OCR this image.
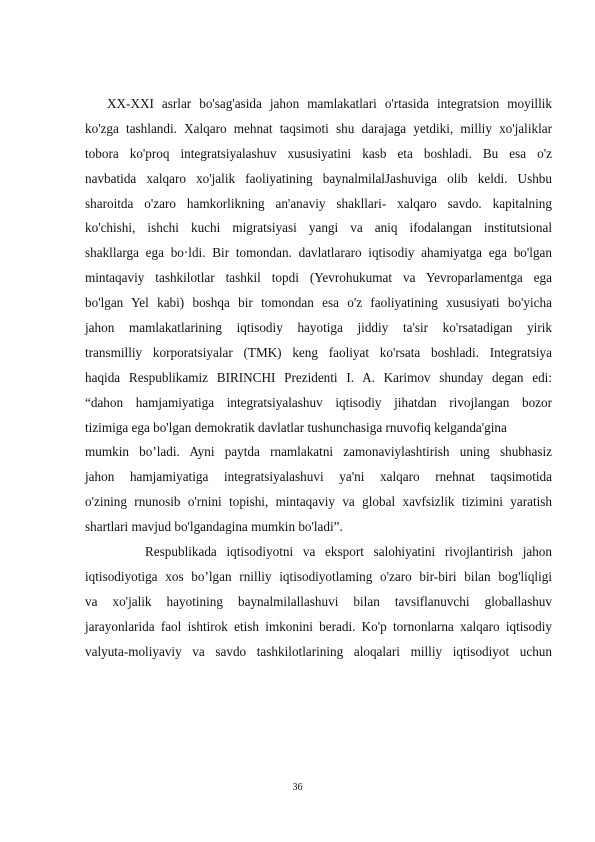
XX-XXI asrlar bo'sag'asida jahon mamlakatlari o'rtasida integratsion moyillik
ko'zga tashlandi. Xalqaro mehnat taqsimoti shu darajaga yetdiki, milliy xo'jaliklar
tobora ko'proq integratsiyalashuv xususiyatini kasb eta boshladi. Bu esa o'z
navbatida xalqaro xo'jalik faoliyatining baynalmilalJashuviga olib keldi. Ushbu
sharoitda o'zaro hamkorlikning an'anaviy shakllari- xalqaro savdo. kapitalning
ko'chishi, ishchi kuchi migratsiyasi yangi va aniq ifodalangan institutsional
shakllarga ega bo·ldi. Bir tomondan. davlatlararo iqtisodiy ahamiyatga ega bo'lgan
mintaqaviy tashkilotlar tashkil topdi (Yevrohukumat va Yevroparlamentga ega
bo'lgan Yel kabi) boshqa bir tomondan esa o'z faoliyatining xususiyati bo'yicha
jahon mamlakatlarining iqtisodiy hayotiga jiddiy ta'sir ko'rsatadigan yirik
transmilliy korporatsiyalar (TMK) keng faoliyat ko'rsata boshladi. Integratsiya
haqida Respublikamiz BIRINCHI Prezidenti I. A. Karimov shunday degan edi:
“dahon hamjamiyatiga integratsiyalashuv iqtisodiy jihatdan rivojlangan bozor
tizimiga ega bo'lgan demokratik davlatlar tushunchasiga rnuvofiq kelganda'gina
mumkin bo’ladi. Ayni paytda rnamlakatni zamonaviylashtirish uning shubhasiz
jahon hamjamiyatiga integratsiyalashuvi ya'ni xalqaro rnehnat taqsimotida
o'zining rnunosib o'rnini topishi, mintaqaviy va global xavfsizlik tizimini yaratish
shartlari mavjud bo'lgandagina mumkin bo'ladi”.
Respublikada iqtisodiyotni va eksport salohiyatini rivojlantirish jahon
iqtisodiyotiga xos bo’lgan rnilliy iqtisodiyotlaming o'zaro bir-biri bilan bog'liqligi
va xo'jalik hayotining baynalmilallashuvi bilan tavsiflanuvchi globallashuv
jarayonlarida faol ishtirok etish imkonini beradi. Ko'p tornonlarna xalqaro iqtisodiy
valyuta-moliyaviy va savdo tashkilotlarining aloqalari milliy iqtisodiyot uchun
36
